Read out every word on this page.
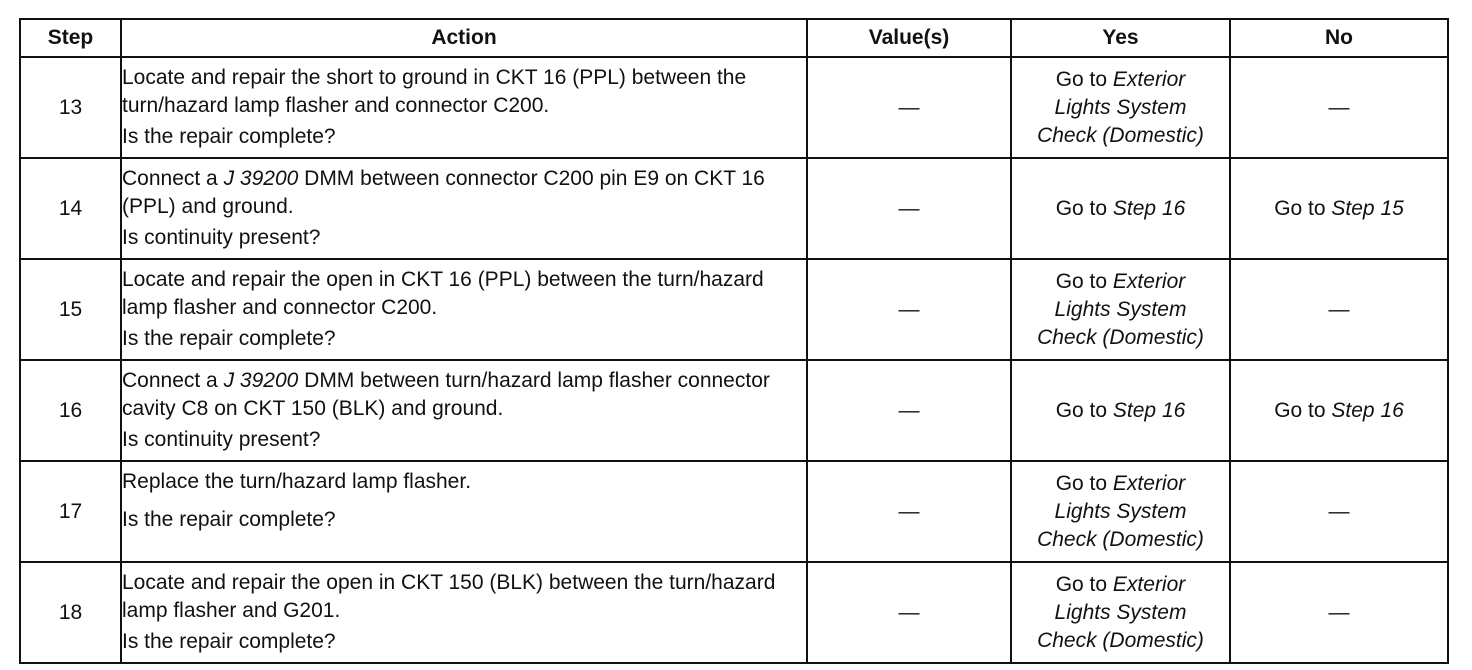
Step	Action	Value(s)	Yes	No
13	Locate and repair the short to ground in CKT 16 (PPL) between the turn/hazard lamp flasher and connector C200.
Is the repair complete?	—	Go to Exterior
Lights System
Check (Domestic)	—
14	Connect a J 39200 DMM between connector C200 pin E9 on CKT 16 (PPL) and ground.
Is continuity present?	—	Go to Step 16	Go to Step 15
15	Locate and repair the open in CKT 16 (PPL) between the turn/hazard lamp flasher and connector C200.
Is the repair complete?	—	Go to Exterior
Lights System
Check (Domestic)	—
16	Connect a J 39200 DMM between turn/hazard lamp flasher connector cavity C8 on CKT 150 (BLK) and ground.
Is continuity present?	—	Go to Step 16	Go to Step 16
17	Replace the turn/hazard lamp flasher.
Is the repair complete?	—	Go to Exterior
Lights System
Check (Domestic)	—
18	Locate and repair the open in CKT 150 (BLK) between the turn/hazard lamp flasher and G201.
Is the repair complete?	—	Go to Exterior
Lights System
Check (Domestic)	—
